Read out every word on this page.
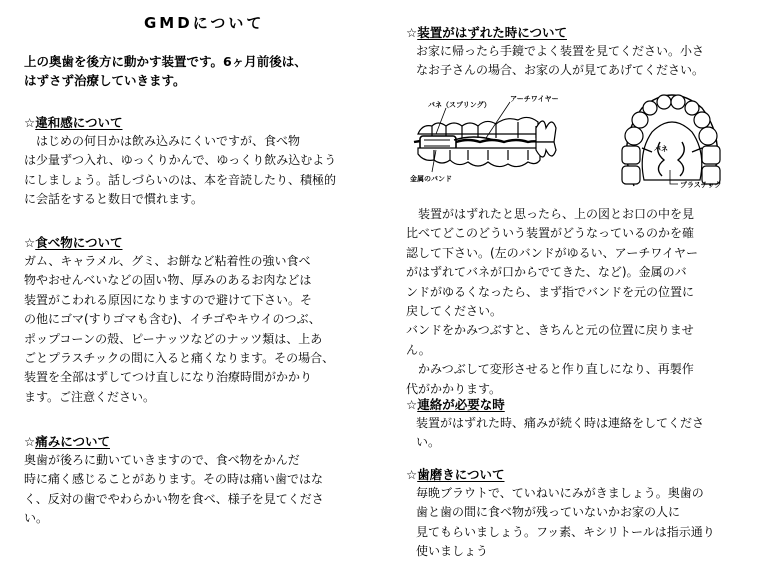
GMDについて

上の奥歯を後方に動かす装置です。6ヶ月前後は、
はずさず治療していきます。

☆違和感について

　はじめの何日かは飲み込みにくいですが、食べ物
は少量ずつ入れ、ゆっくりかんで、ゆっくり飲み込むよう
にしましょう。話しづらいのは、本を音読したり、積極的
に会話をすると数日で慣れます。

☆食べ物について

ガム、キャラメル、グミ、お餅など粘着性の強い食べ
物やおせんべいなどの固い物、厚みのあるお肉などは
装置がこわれる原因になりますので避けて下さい。そ
の他にゴマ(すりゴマも含む)、イチゴやキウイのつぶ、
ポップコーンの殻、ピーナッツなどのナッツ類は、上あ
ごとプラスチックの間に入ると痛くなります。その場合、
装置を全部はずしてつけ直しになり治療時間がかかり
ます。ご注意ください。

☆痛みについて

奥歯が後ろに動いていきますので、食べ物をかんだ
時に痛く感じることがあります。その時は痛い歯ではな
く、反対の歯でやわらかい物を食べ、様子を見てくださ
い。

☆装置がはずれた時について

お家に帰ったら手鏡でよく装置を見てください。小さ
なお子さんの場合、お家の人が見てあげてください。

バネ（スプリング）
アーチワイヤー
金属のバンド
バネ
プラスチック

　装置がはずれたと思ったら、上の図とお口の中を見
比べてどこのどういう装置がどうなっているのかを確
認して下さい。(左のバンドがゆるい、アーチワイヤー
がはずれてバネが口からでてきた、など)。金属のバ
ンドがゆるくなったら、まず指でバンドを元の位置に
戻してください。
バンドをかみつぶすと、きちんと元の位置に戻りませ
ん。
　かみつぶして変形させると作り直しになり、再製作
代がかかります。

☆連絡が必要な時

装置がはずれた時、痛みが続く時は連絡をしてくださ
い。

☆歯磨きについて

毎晩ブラウトで、ていねいにみがきましょう。奥歯の
歯と歯の間に食べ物が残っていないかお家の人に
見てもらいましょう。フッ素、キシリトールは指示通り
使いましょう
